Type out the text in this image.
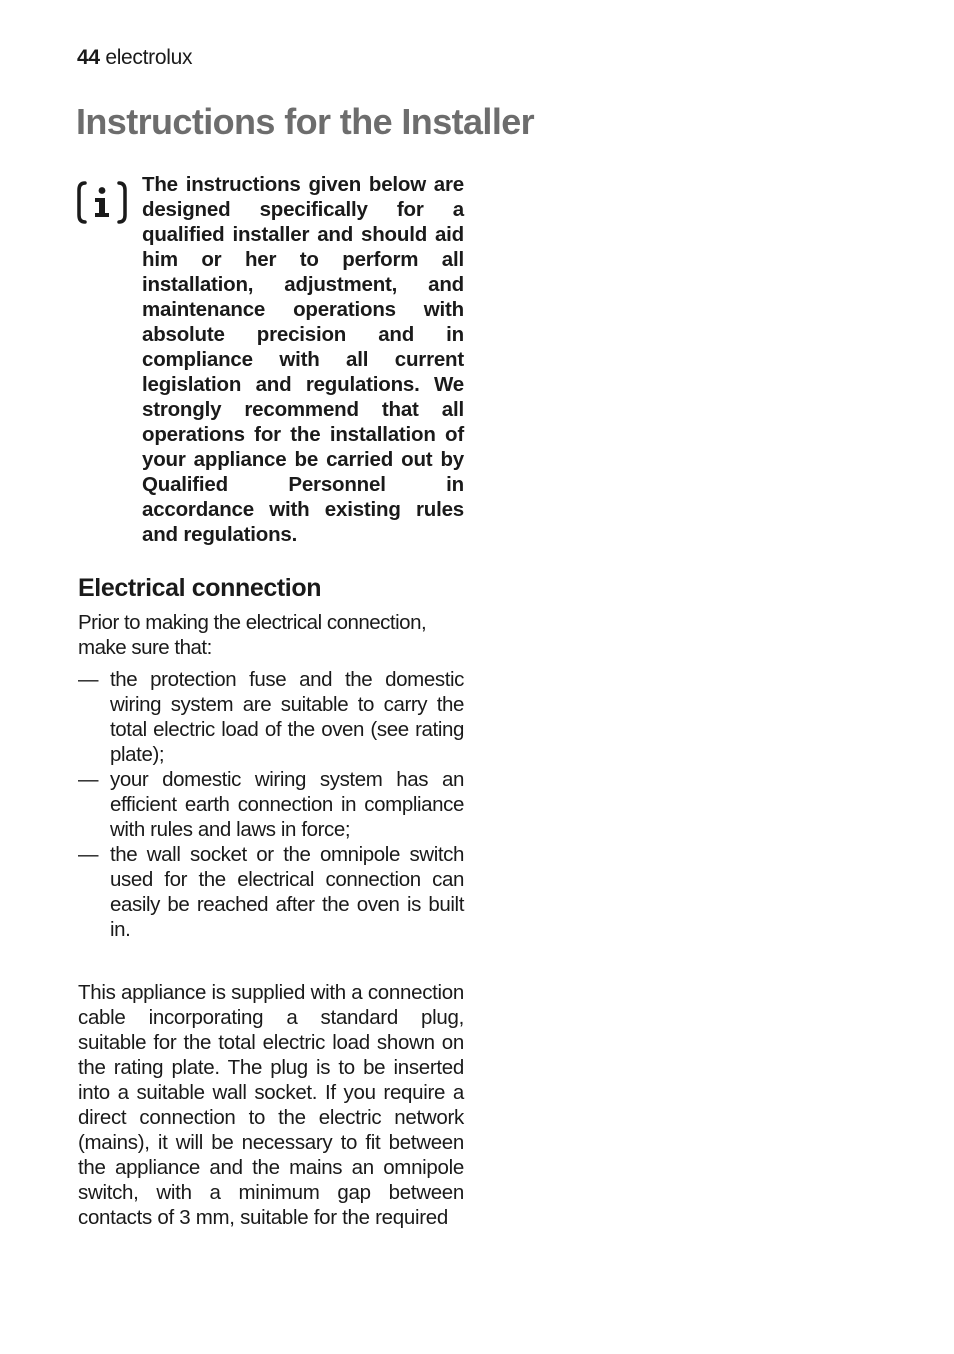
44 electrolux
Instructions for the Installer

The instructions given below are designed specifically for a qualified installer and should aid him or her to perform all installation, adjustment, and maintenance operations with absolute precision and in compliance with all current legislation and regulations. We strongly recommend that all operations for the installation of your appliance be carried out by Qualified Personnel in accordance with existing rules and regulations.

Electrical connection

Prior to making the electrical connection, make sure that:

— the protection fuse and the domestic wiring system are suitable to carry the total electric load of the oven (see rating plate);
— your domestic wiring system has an efficient earth connection in compliance with rules and laws in force;
— the wall socket or the omnipole switch used for the electrical connection can easily be reached after the oven is built in.

This appliance is supplied with a connection cable incorporating a standard plug, suitable for the total electric load shown on the rating plate. The plug is to be inserted into a suitable wall socket. If you require a direct connection to the electric network (mains), it will be necessary to fit between the appliance and the mains an omnipole switch, with a minimum gap between contacts of 3 mm, suitable for the required
